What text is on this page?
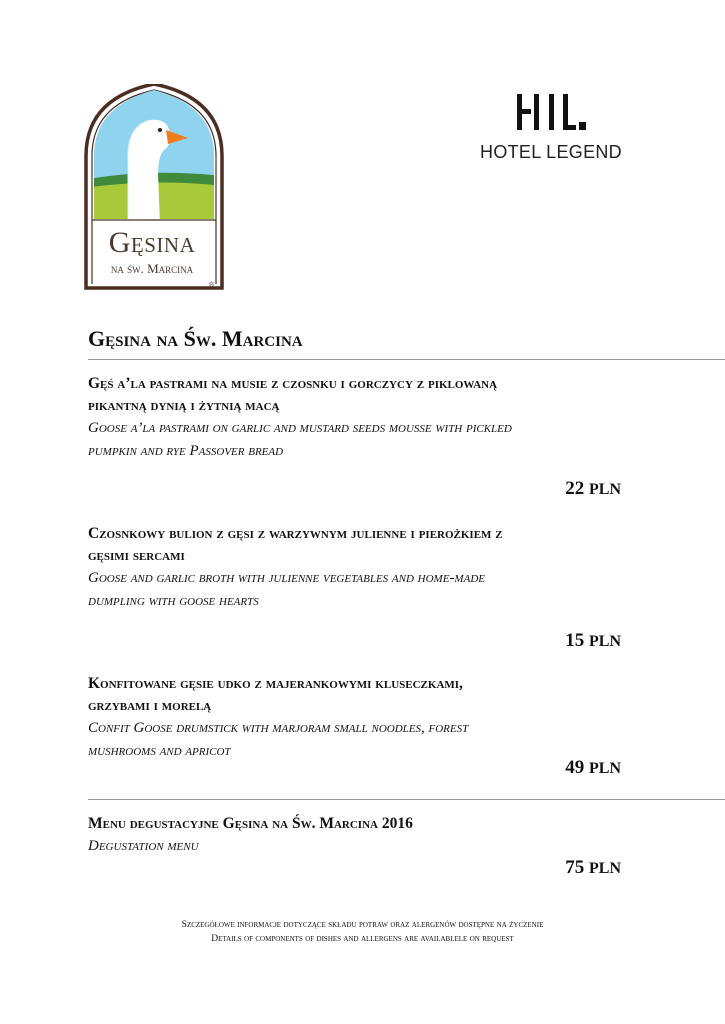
Gęsina
na św. Marcina
®
HOTEL LEGEND
Gęsina na Św. Marcina
Gęś a’la pastrami na musie z czosnku i gorczycy z piklowaną
pikantną dynią i żytnią macą
Goose a’la pastrami on garlic and mustard seeds mousse with pickled
pumpkin and rye Passover bread
22 PLN
Czosnkowy bulion z gęsi z warzywnym julienne i pierożkiem z
gęsimi sercami
Goose and garlic broth with julienne vegetables and home-made
dumpling with goose hearts
15 PLN
Konfitowane gęsie udko z majerankowymi kluseczkami,
grzybami i morelą
Confit Goose drumstick with marjoram small noodles, forest
mushrooms and apricot
49 PLN
Menu degustacyjne Gęsina na Św. Marcina 2016
Degustation menu
75 PLN
Szczegółowe informacje dotyczące składu potraw oraz alergenów dostępne na życzenie
Details of components of dishes and allergens are availablele on request
